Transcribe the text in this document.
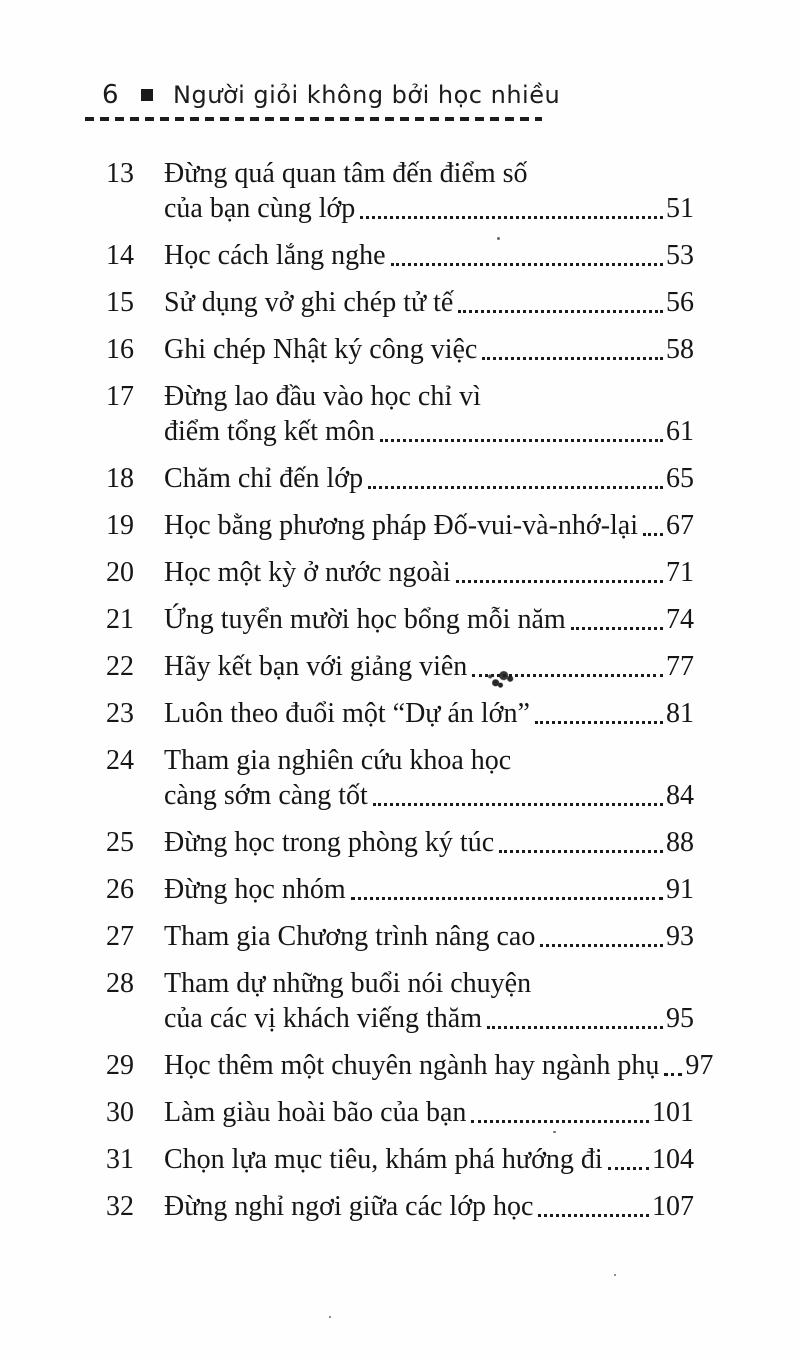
6 Người giỏi không bởi học nhiều
13	Đừng quá quan tâm đến điểm số
của bạn cùng lớp	51
14	Học cách lắng nghe	53
15	Sử dụng vở ghi chép tử tế	56
16	Ghi chép Nhật ký công việc	58
17	Đừng lao đầu vào học chỉ vì
điểm tổng kết môn	61
18	Chăm chỉ đến lớp	65
19	Học bằng phương pháp Đố-vui-và-nhớ-lại 67
20	Học một kỳ ở nước ngoài	71
21	Ứng tuyển mười học bổng mỗi năm	74
22	Hãy kết bạn với giảng viên	77
23	Luôn theo đuổi một “Dự án lớn”	81
24	Tham gia nghiên cứu khoa học
càng sớm càng tốt	84
25	Đừng học trong phòng ký túc	88
26	Đừng học nhóm	91
27	Tham gia Chương trình nâng cao	93
28	Tham dự những buổi nói chuyện
của các vị khách viếng thăm	95
29	Học thêm một chuyên ngành hay ngành phụ 97
30	Làm giàu hoài bão của bạn	101
31	Chọn lựa mục tiêu, khám phá hướng đi 104
32	Đừng nghỉ ngơi giữa các lớp học	107
